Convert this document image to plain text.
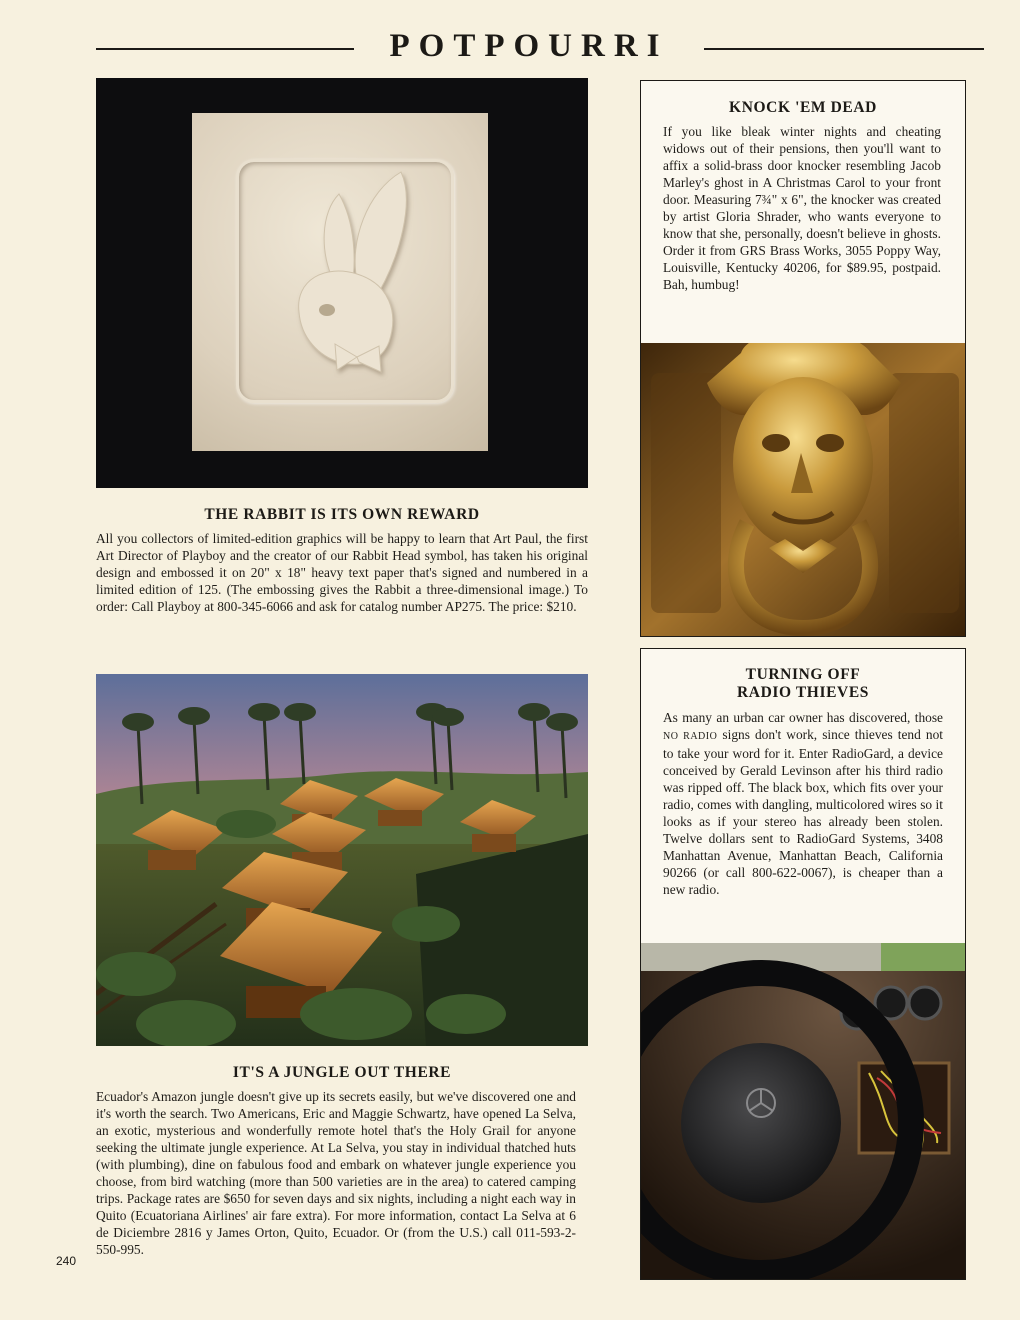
POTPOURRI
THE RABBIT IS ITS OWN REWARD

All you collectors of limited-edition graphics will be happy to learn that Art Paul, the first Art Director of Playboy and the creator of our Rabbit Head symbol, has taken his original design and embossed it on 20" x 18" heavy text paper that's signed and numbered in a limited edition of 125. (The embossing gives the Rabbit a three-dimensional image.) To order: Call Playboy at 800-345-6066 and ask for catalog number AP275. The price: $210.

KNOCK 'EM DEAD

If you like bleak winter nights and cheating widows out of their pensions, then you'll want to affix a solid-brass door knocker resembling Jacob Marley's ghost in A Christmas Carol to your front door. Measuring 7¾" x 6", the knocker was created by artist Gloria Shrader, who wants everyone to know that she, personally, doesn't believe in ghosts. Order it from GRS Brass Works, 3055 Poppy Way, Louisville, Kentucky 40206, for $89.95, postpaid. Bah, humbug!

TURNING OFF
RADIO THIEVES

As many an urban car owner has discovered, those NO RADIO signs don't work, since thieves tend not to take your word for it. Enter RadioGard, a device conceived by Gerald Levinson after his third radio was ripped off. The black box, which fits over your radio, comes with dangling, multicolored wires so it looks as if your stereo has already been stolen. Twelve dollars sent to RadioGard Systems, 3408 Manhattan Avenue, Manhattan Beach, California 90266 (or call 800-622-0067), is cheaper than a new radio.

IT'S A JUNGLE OUT THERE

Ecuador's Amazon jungle doesn't give up its secrets easily, but we've discovered one and it's worth the search. Two Americans, Eric and Maggie Schwartz, have opened La Selva, an exotic, mysterious and wonderfully remote hotel that's the Holy Grail for anyone seeking the ultimate jungle experience. At La Selva, you stay in individual thatched huts (with plumbing), dine on fabulous food and embark on whatever jungle experience you choose, from bird watching (more than 500 varieties are in the area) to catered camping trips. Package rates are $650 for seven days and six nights, including a night each way in Quito (Ecuatoriana Airlines' air fare extra). For more information, contact La Selva at 6 de Diciembre 2816 y James Orton, Quito, Ecuador. Or (from the U.S.) call 011-593-2-550-995.

240
